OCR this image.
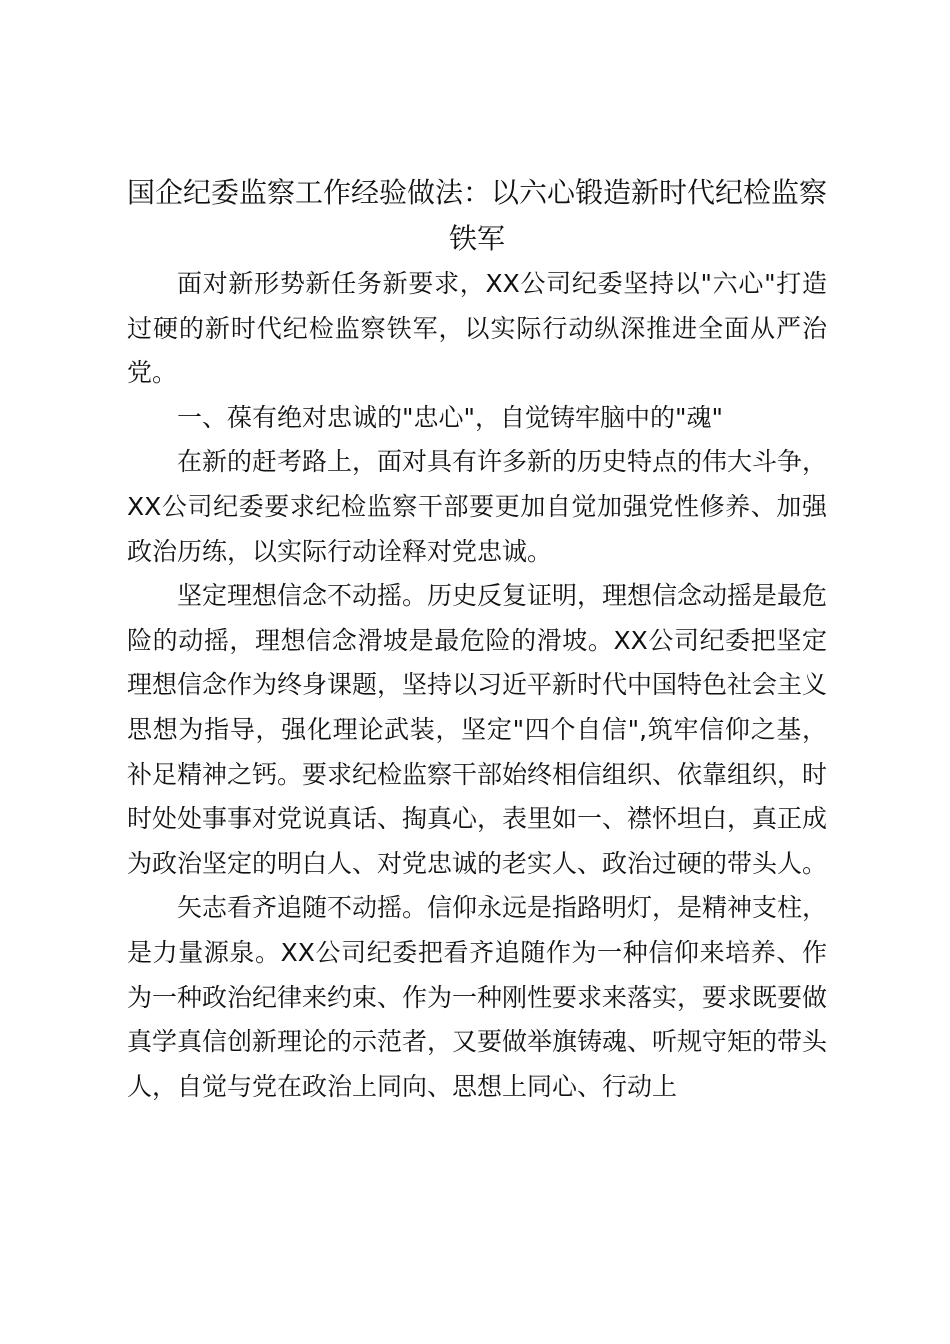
国企纪委监察工作经验做法：以六心锻造新时代纪检监察铁军

面对新形势新任务新要求，XX公司纪委坚持以"六心"打造过硬的新时代纪检监察铁军，以实际行动纵深推进全面从严治党。

一、葆有绝对忠诚的"忠心"，自觉铸牢脑中的"魂"

在新的赶考路上，面对具有许多新的历史特点的伟大斗争，XX公司纪委要求纪检监察干部要更加自觉加强党性修养、加强政治历练，以实际行动诠释对党忠诚。

坚定理想信念不动摇。历史反复证明，理想信念动摇是最危险的动摇，理想信念滑坡是最危险的滑坡。XX公司纪委把坚定理想信念作为终身课题，坚持以习近平新时代中国特色社会主义思想为指导，强化理论武装，坚定"四个自信",筑牢信仰之基，补足精神之钙。要求纪检监察干部始终相信组织、依靠组织，时时处处事事对党说真话、掏真心，表里如一、襟怀坦白，真正成为政治坚定的明白人、对党忠诚的老实人、政治过硬的带头人。

矢志看齐追随不动摇。信仰永远是指路明灯，是精神支柱，是力量源泉。XX公司纪委把看齐追随作为一种信仰来培养、作为一种政治纪律来约束、作为一种刚性要求来落实，要求既要做真学真信创新理论的示范者，又要做举旗铸魂、听规守矩的带头人，自觉与党在政治上同向、思想上同心、行动上
